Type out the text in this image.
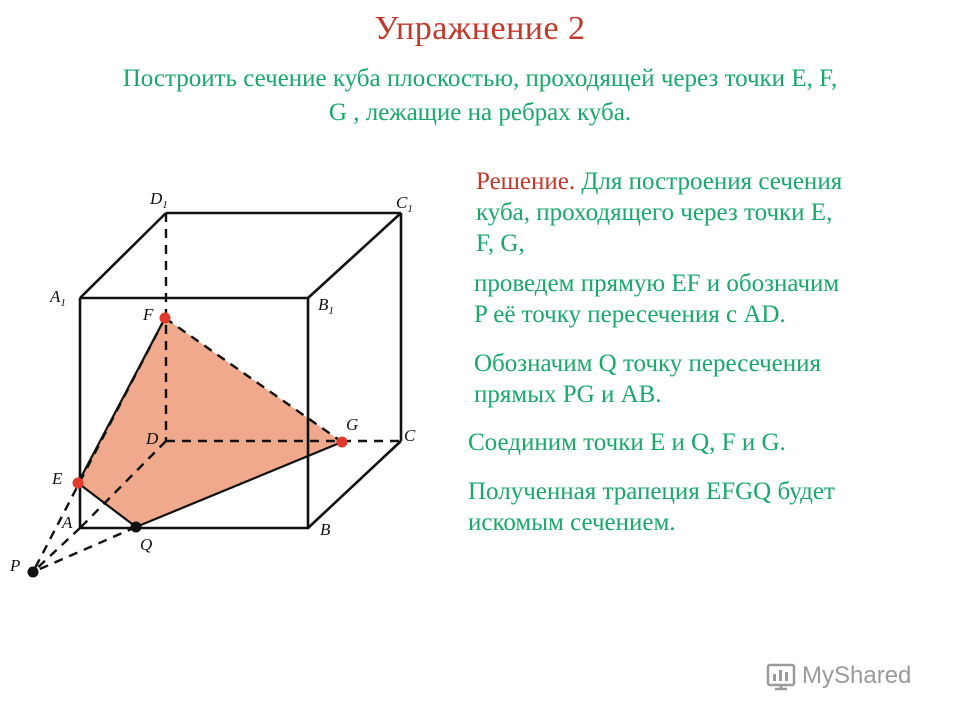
Упражнение 2
Построить сечение куба плоскостью, проходящей через точки E, F,
G , лежащие на ребрах куба.
Решение. Для построения сечения
куба, проходящего через точки E,
F, G,
проведем прямую EF и обозначим
P её точку пересечения с AD.
Обозначим Q точку пересечения
прямых PG и AB.
Соединим точки E и Q, F и G.
Полученная трапеция EFGQ будет
искомым сечением.
$D_1$	$C_1$
$A_1$	$B_1$
F
G
D	C
E
A	B
Q
P
MyShared
